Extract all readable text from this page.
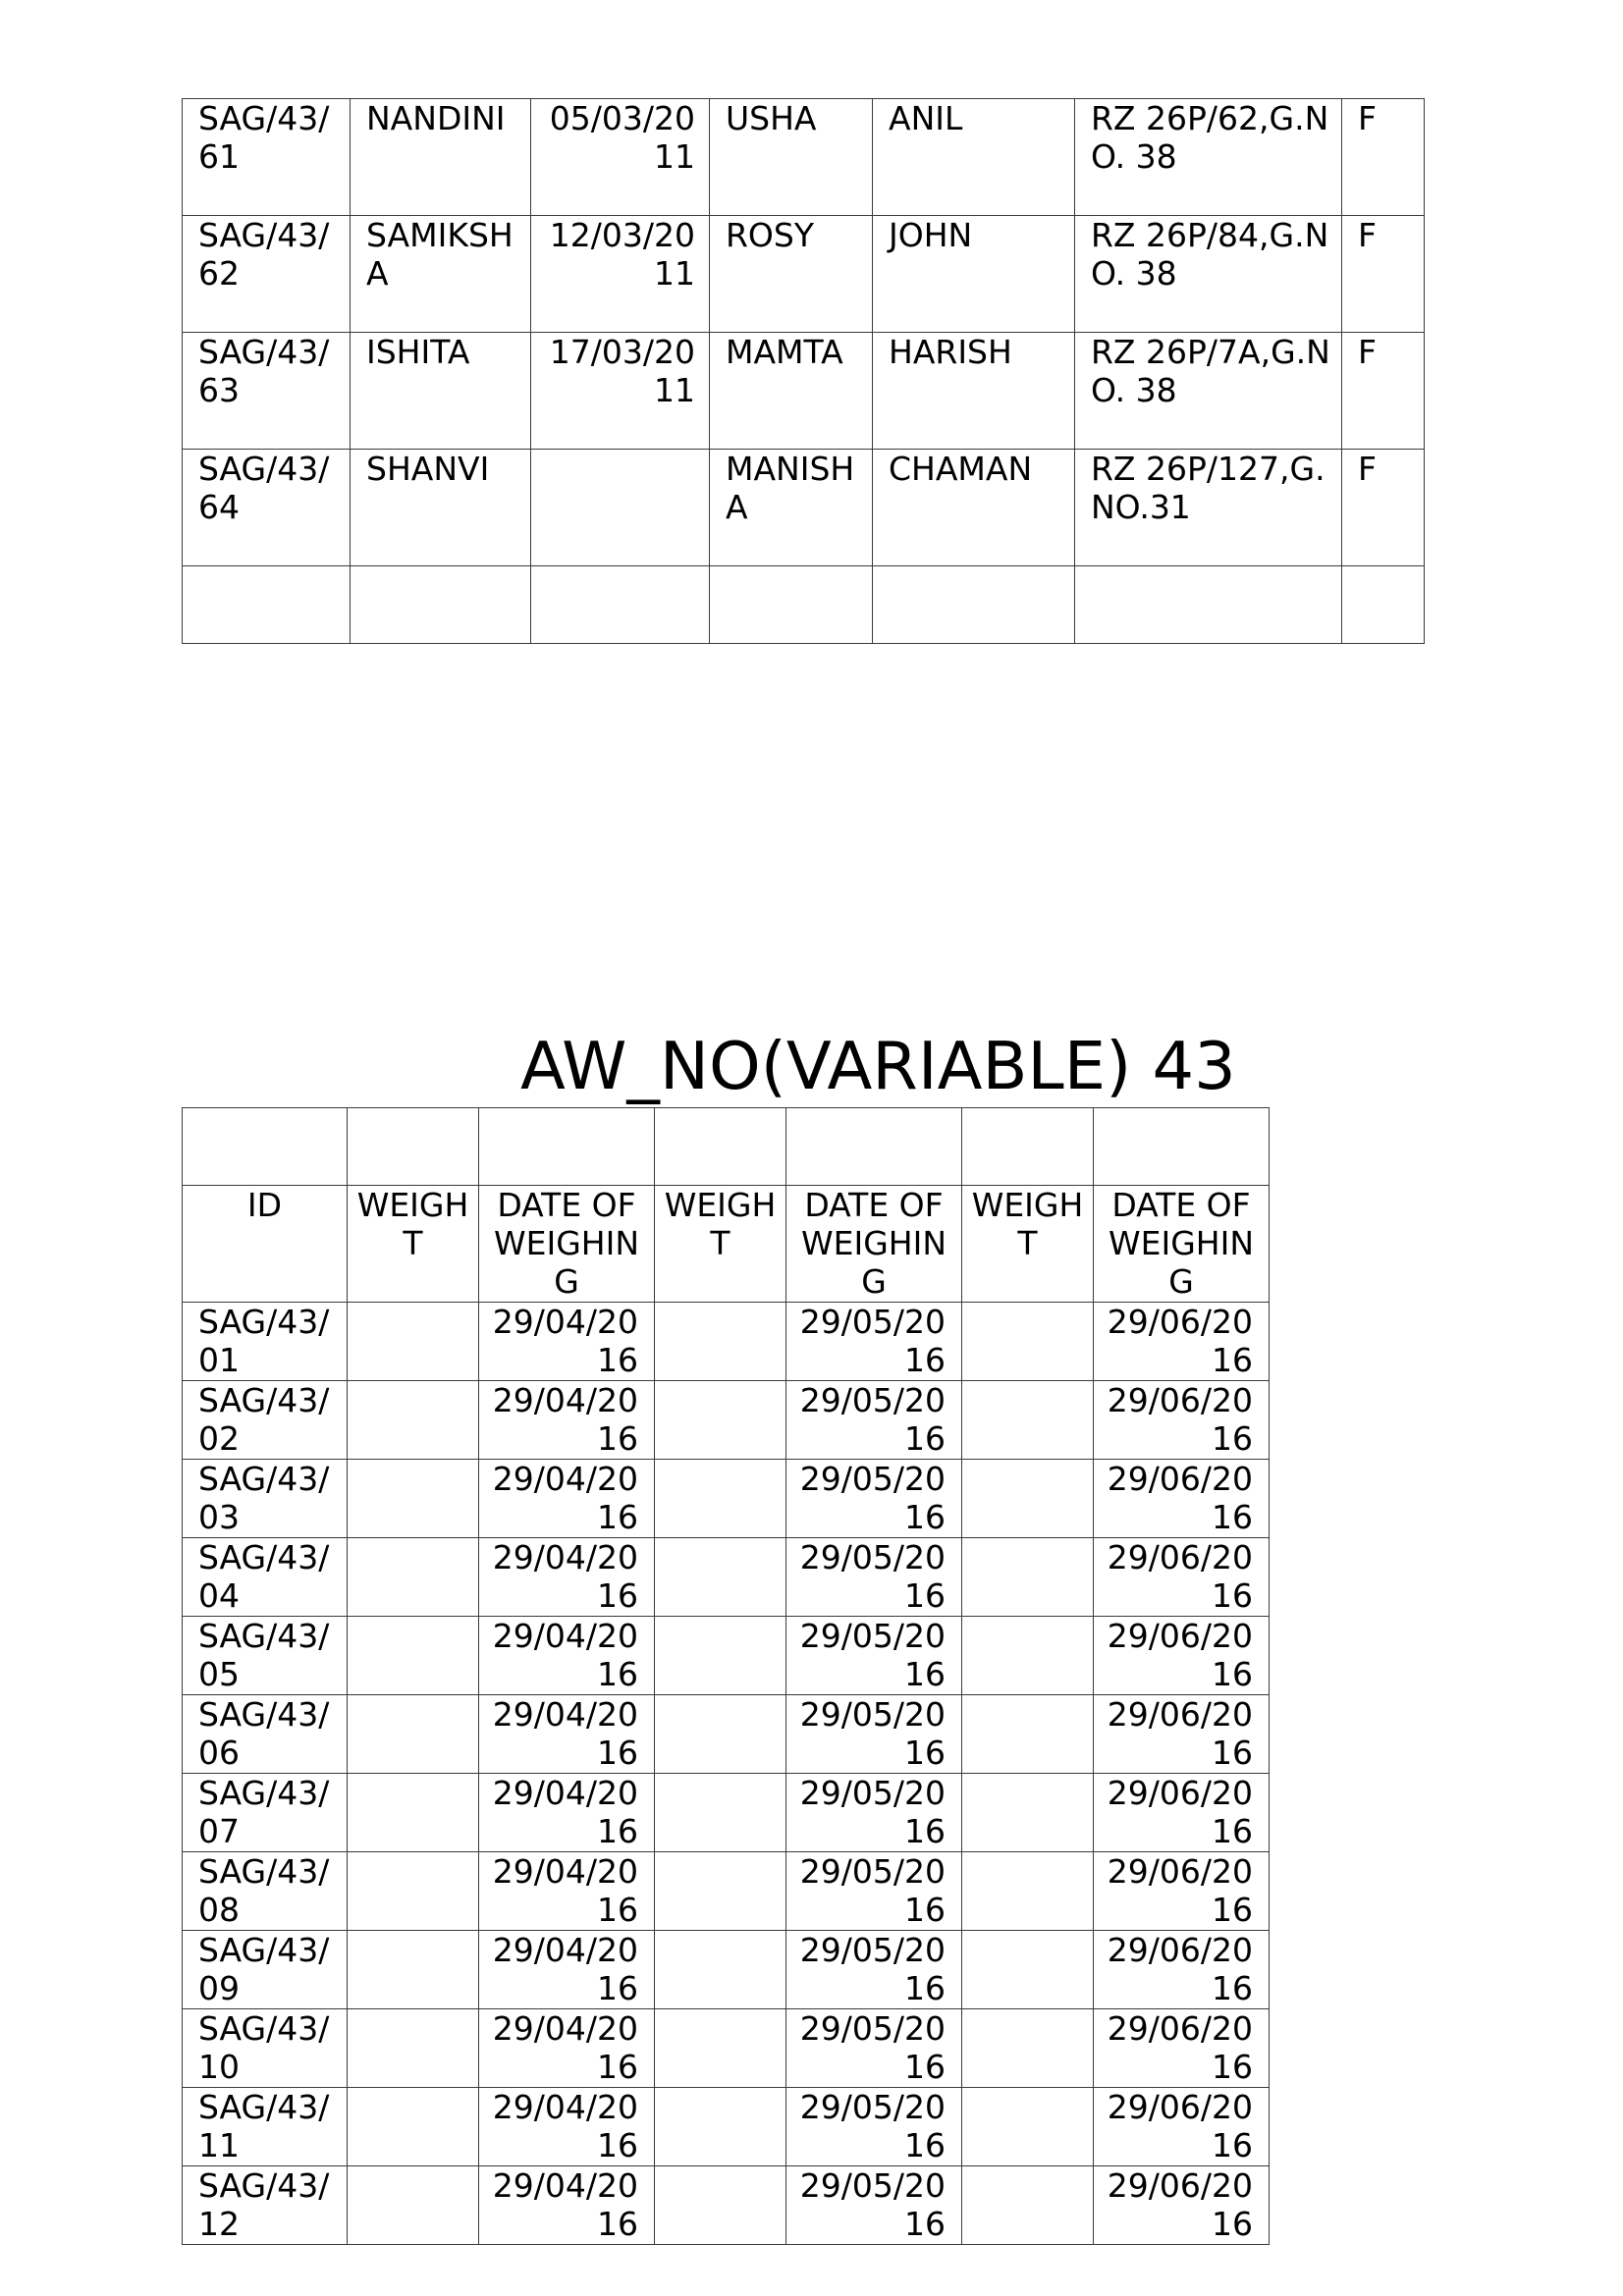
SAG/43/61	NANDINI	05/03/2011	USHA	ANIL	RZ 26P/62,G.NO. 38	F
SAG/43/62	SAMIKSHA	12/03/2011	ROSY	JOHN	RZ 26P/84,G.NO. 38	F
SAG/43/63	ISHITA	17/03/2011	MAMTA	HARISH	RZ 26P/7A,G.NO. 38	F
SAG/43/64	SHANVI		MANISHA	CHAMAN	RZ 26P/127,G.NO.31	F

AW_NO(VARIABLE) 43

ID	WEIGHT	DATE OF WEIGHING	WEIGHT	DATE OF WEIGHING	WEIGHT	DATE OF WEIGHING
SAG/43/01		29/04/2016		29/05/2016		29/06/2016
SAG/43/02		29/04/2016		29/05/2016		29/06/2016
SAG/43/03		29/04/2016		29/05/2016		29/06/2016
SAG/43/04		29/04/2016		29/05/2016		29/06/2016
SAG/43/05		29/04/2016		29/05/2016		29/06/2016
SAG/43/06		29/04/2016		29/05/2016		29/06/2016
SAG/43/07		29/04/2016		29/05/2016		29/06/2016
SAG/43/08		29/04/2016		29/05/2016		29/06/2016
SAG/43/09		29/04/2016		29/05/2016		29/06/2016
SAG/43/10		29/04/2016		29/05/2016		29/06/2016
SAG/43/11		29/04/2016		29/05/2016		29/06/2016
SAG/43/12		29/04/2016		29/05/2016		29/06/2016
